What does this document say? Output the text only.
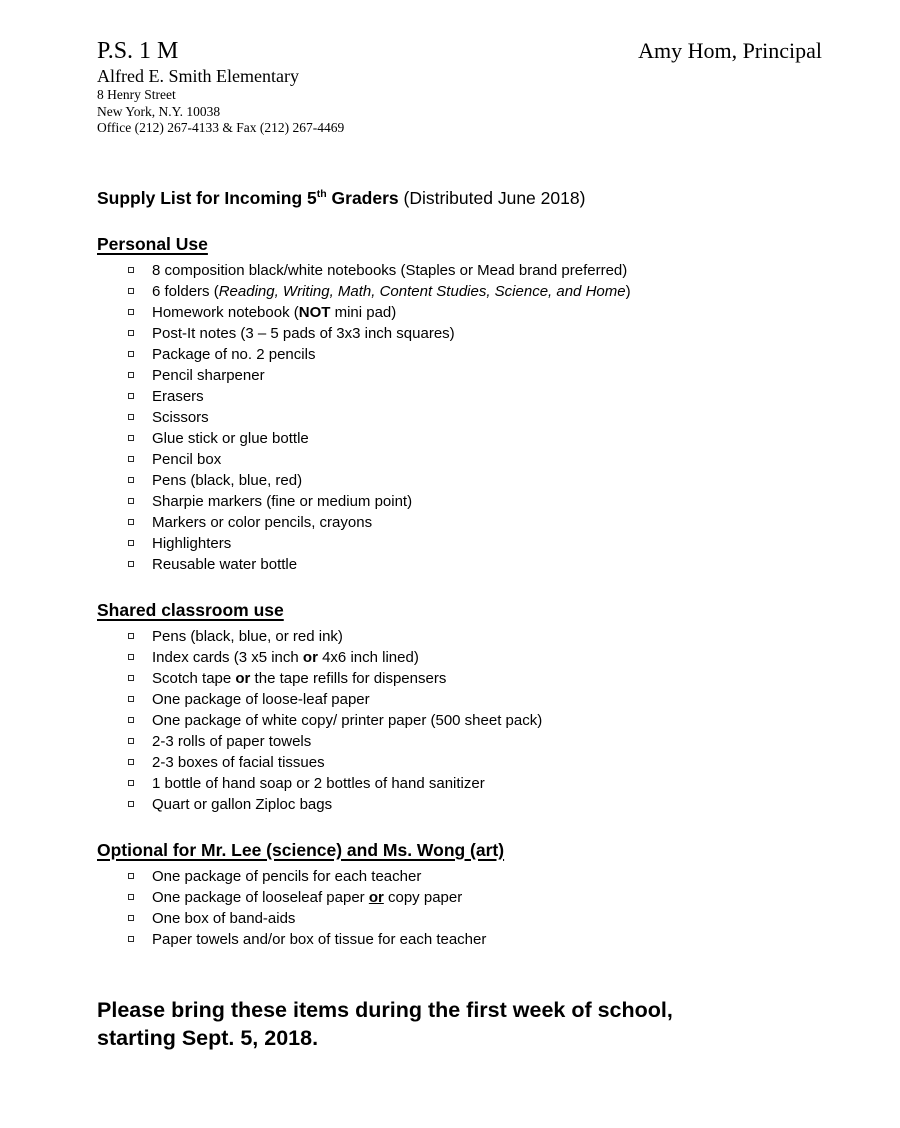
P.S. 1 M	Amy Hom, Principal
Alfred E. Smith Elementary
8 Henry Street
New York, N.Y. 10038
Office (212) 267-4133 & Fax (212) 267-4469
Supply List for Incoming 5th Graders (Distributed June 2018)
Personal Use
8 composition black/white notebooks (Staples or Mead brand preferred)
6 folders (Reading, Writing, Math, Content Studies, Science, and Home)
Homework notebook (NOT mini pad)
Post-It notes (3 – 5 pads of 3x3 inch squares)
Package of no. 2 pencils
Pencil sharpener
Erasers
Scissors
Glue stick or glue bottle
Pencil box
Pens (black, blue, red)
Sharpie markers (fine or medium point)
Markers or color pencils, crayons
Highlighters
Reusable water bottle
Shared classroom use
Pens (black, blue, or red ink)
Index cards (3 x5 inch or 4x6 inch lined)
Scotch tape or the tape refills for dispensers
One package of loose-leaf paper
One package of white copy/ printer paper (500 sheet pack)
2-3 rolls of paper towels
2-3 boxes of facial tissues
1 bottle of hand soap or 2 bottles of hand sanitizer
Quart or gallon Ziploc bags
Optional for Mr. Lee (science) and Ms. Wong (art)
One package of pencils for each teacher
One package of looseleaf paper or copy paper
One box of band-aids
Paper towels and/or box of tissue for each teacher
Please bring these items during the first week of school,
starting Sept. 5, 2018.
